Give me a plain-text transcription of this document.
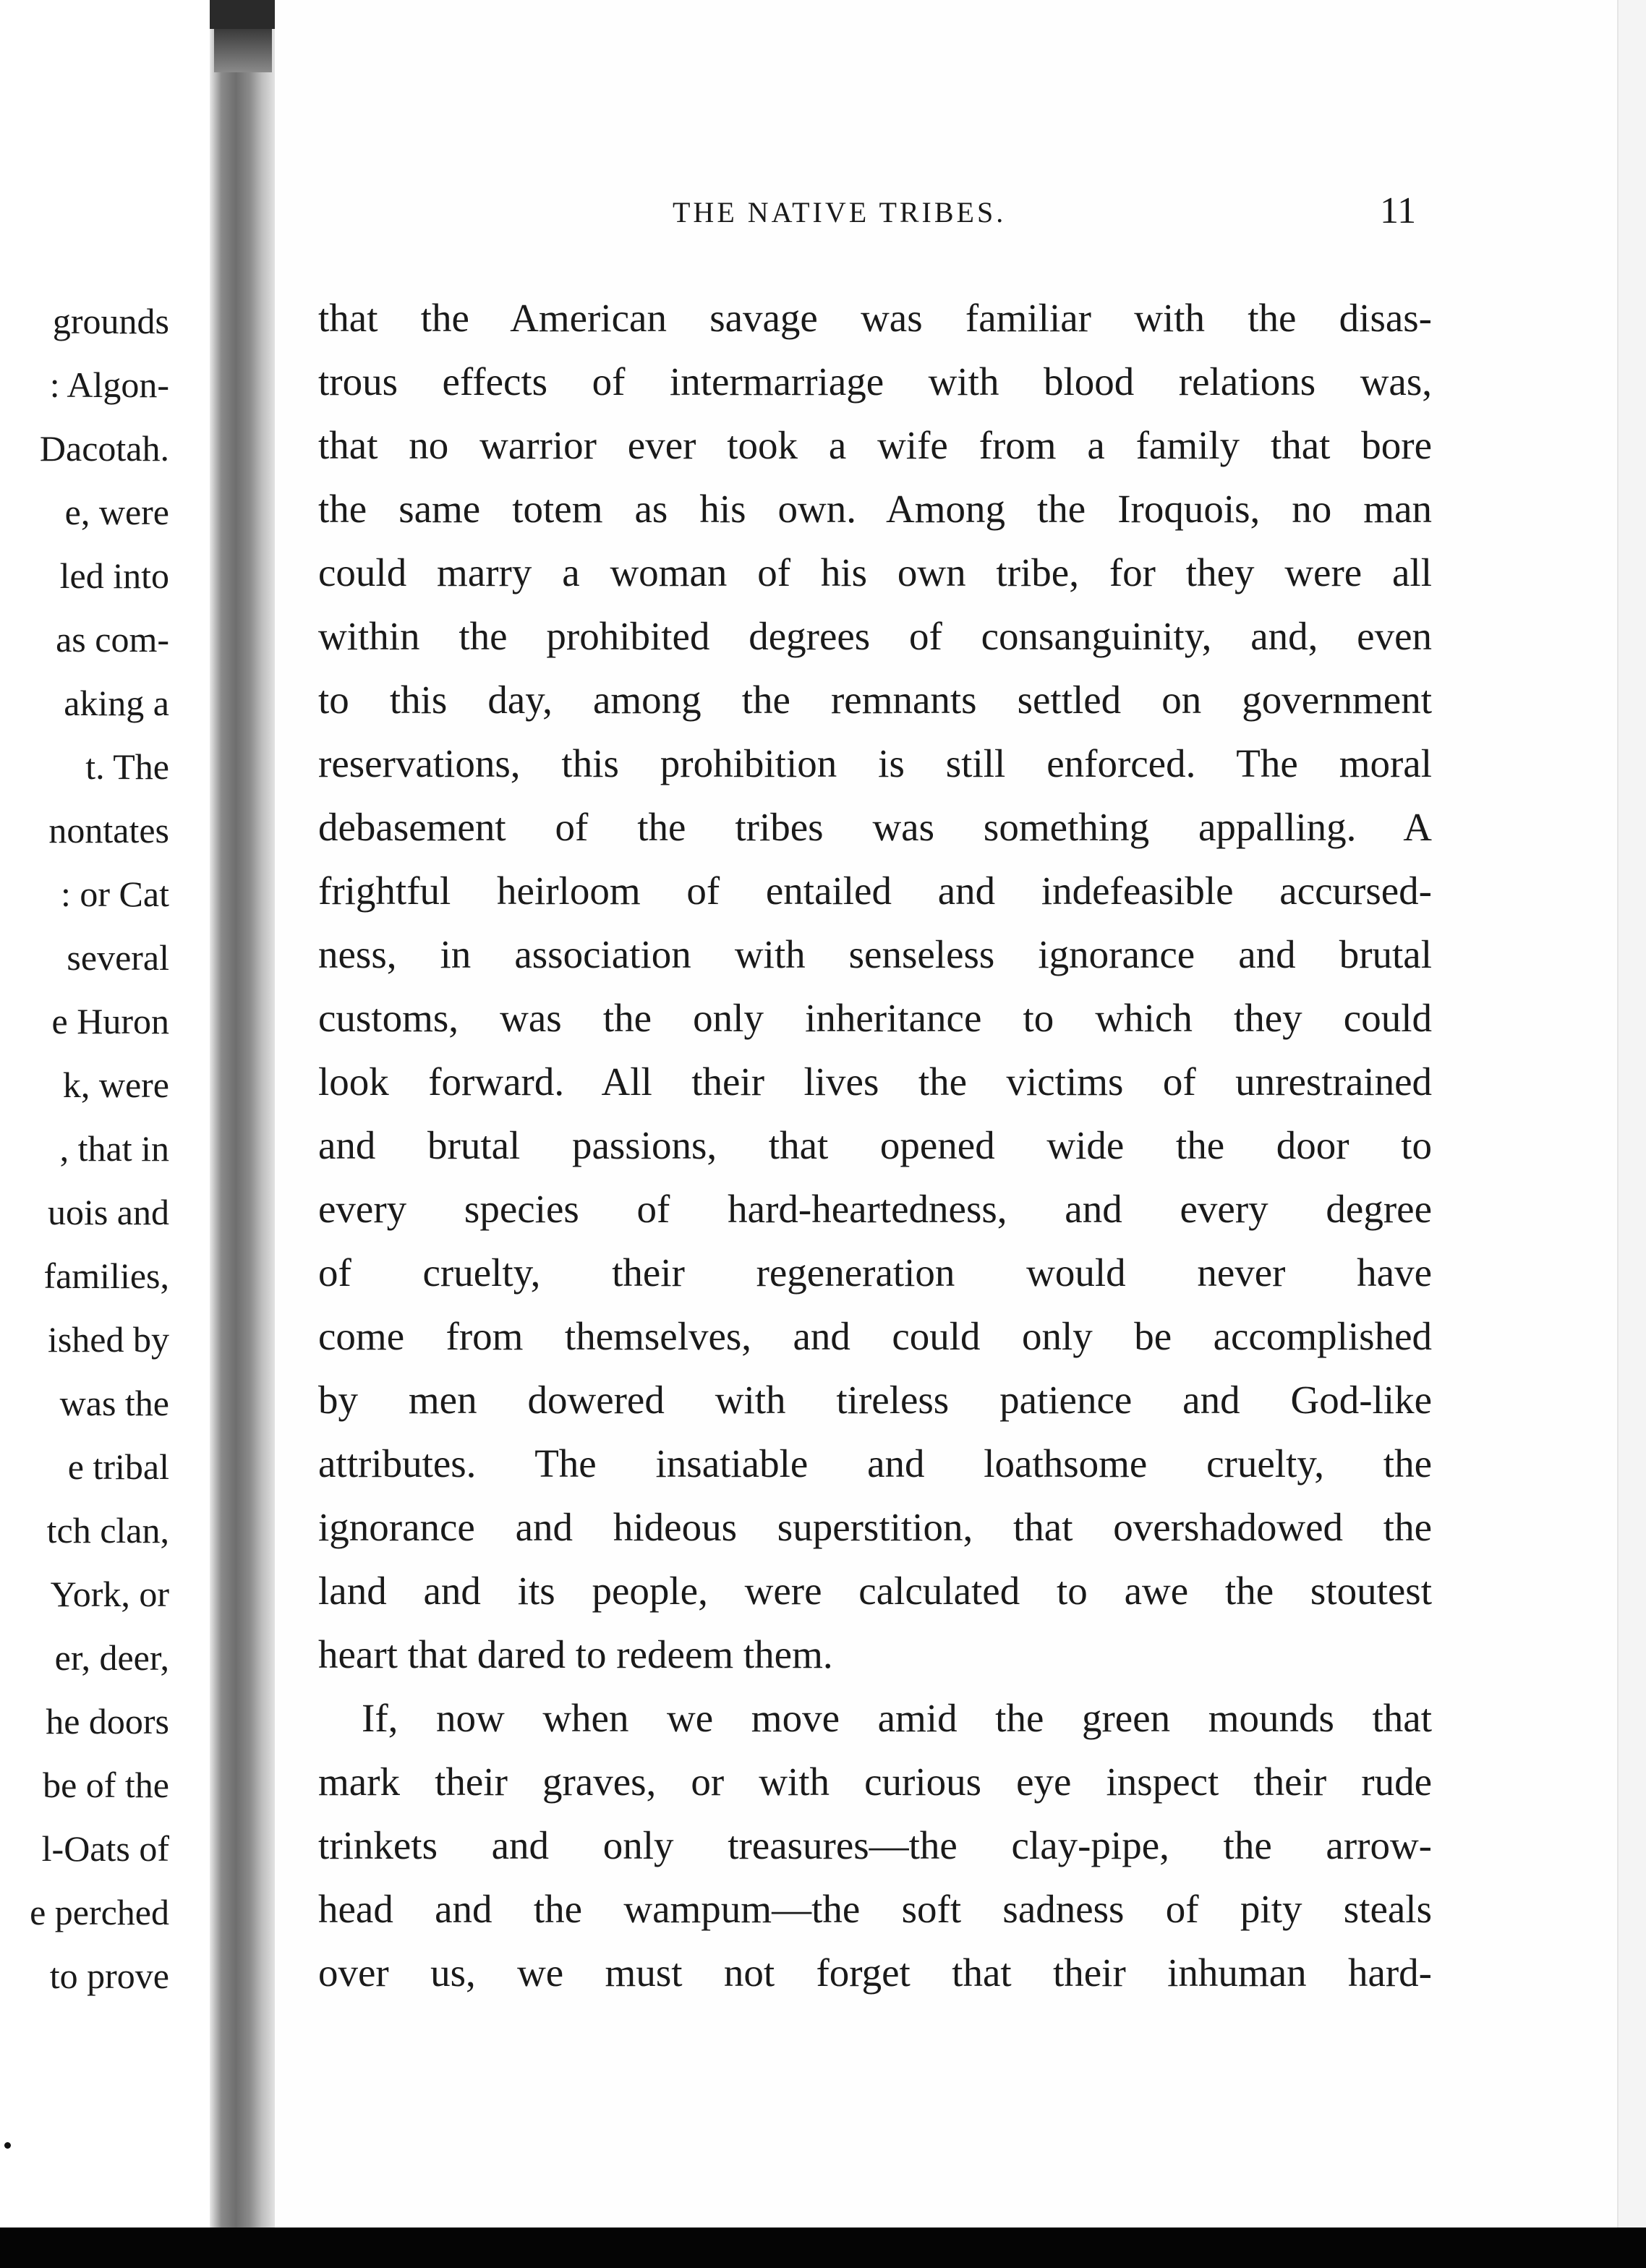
grounds
: Algon-
Dacotah.
e, were
led into
as com-
aking a
t. The
nontates
: or Cat
several
e Huron
k, were
, that in
uois and
families,
ished by
was the
e tribal
tch clan,
York, or
er, deer,
he doors
be of the
l-Oats of
e perched
to prove
THE NATIVE TRIBES.	11
that the American savage was familiar with the disas-
trous effects of intermarriage with blood relations was,
that no warrior ever took a wife from a family that bore
the same totem as his own. Among the Iroquois, no man
could marry a woman of his own tribe, for they were all
within the prohibited degrees of consanguinity, and, even
to this day, among the remnants settled on government
reservations, this prohibition is still enforced. The moral
debasement of the tribes was something appalling. A
frightful heirloom of entailed and indefeasible accursed-
ness, in association with senseless ignorance and brutal
customs, was the only inheritance to which they could
look forward. All their lives the victims of unrestrained
and brutal passions, that opened wide the door to
every species of hard-heartedness, and every degree
of cruelty, their regeneration would never have
come from themselves, and could only be accomplished
by men dowered with tireless patience and God-like
attributes. The insatiable and loathsome cruelty, the
ignorance and hideous superstition, that overshadowed the
land and its people, were calculated to awe the stoutest
heart that dared to redeem them.
If, now when we move amid the green mounds that
mark their graves, or with curious eye inspect their rude
trinkets and only treasures—the clay-pipe, the arrow-
head and the wampum—the soft sadness of pity steals
over us, we must not forget that their inhuman hard-
